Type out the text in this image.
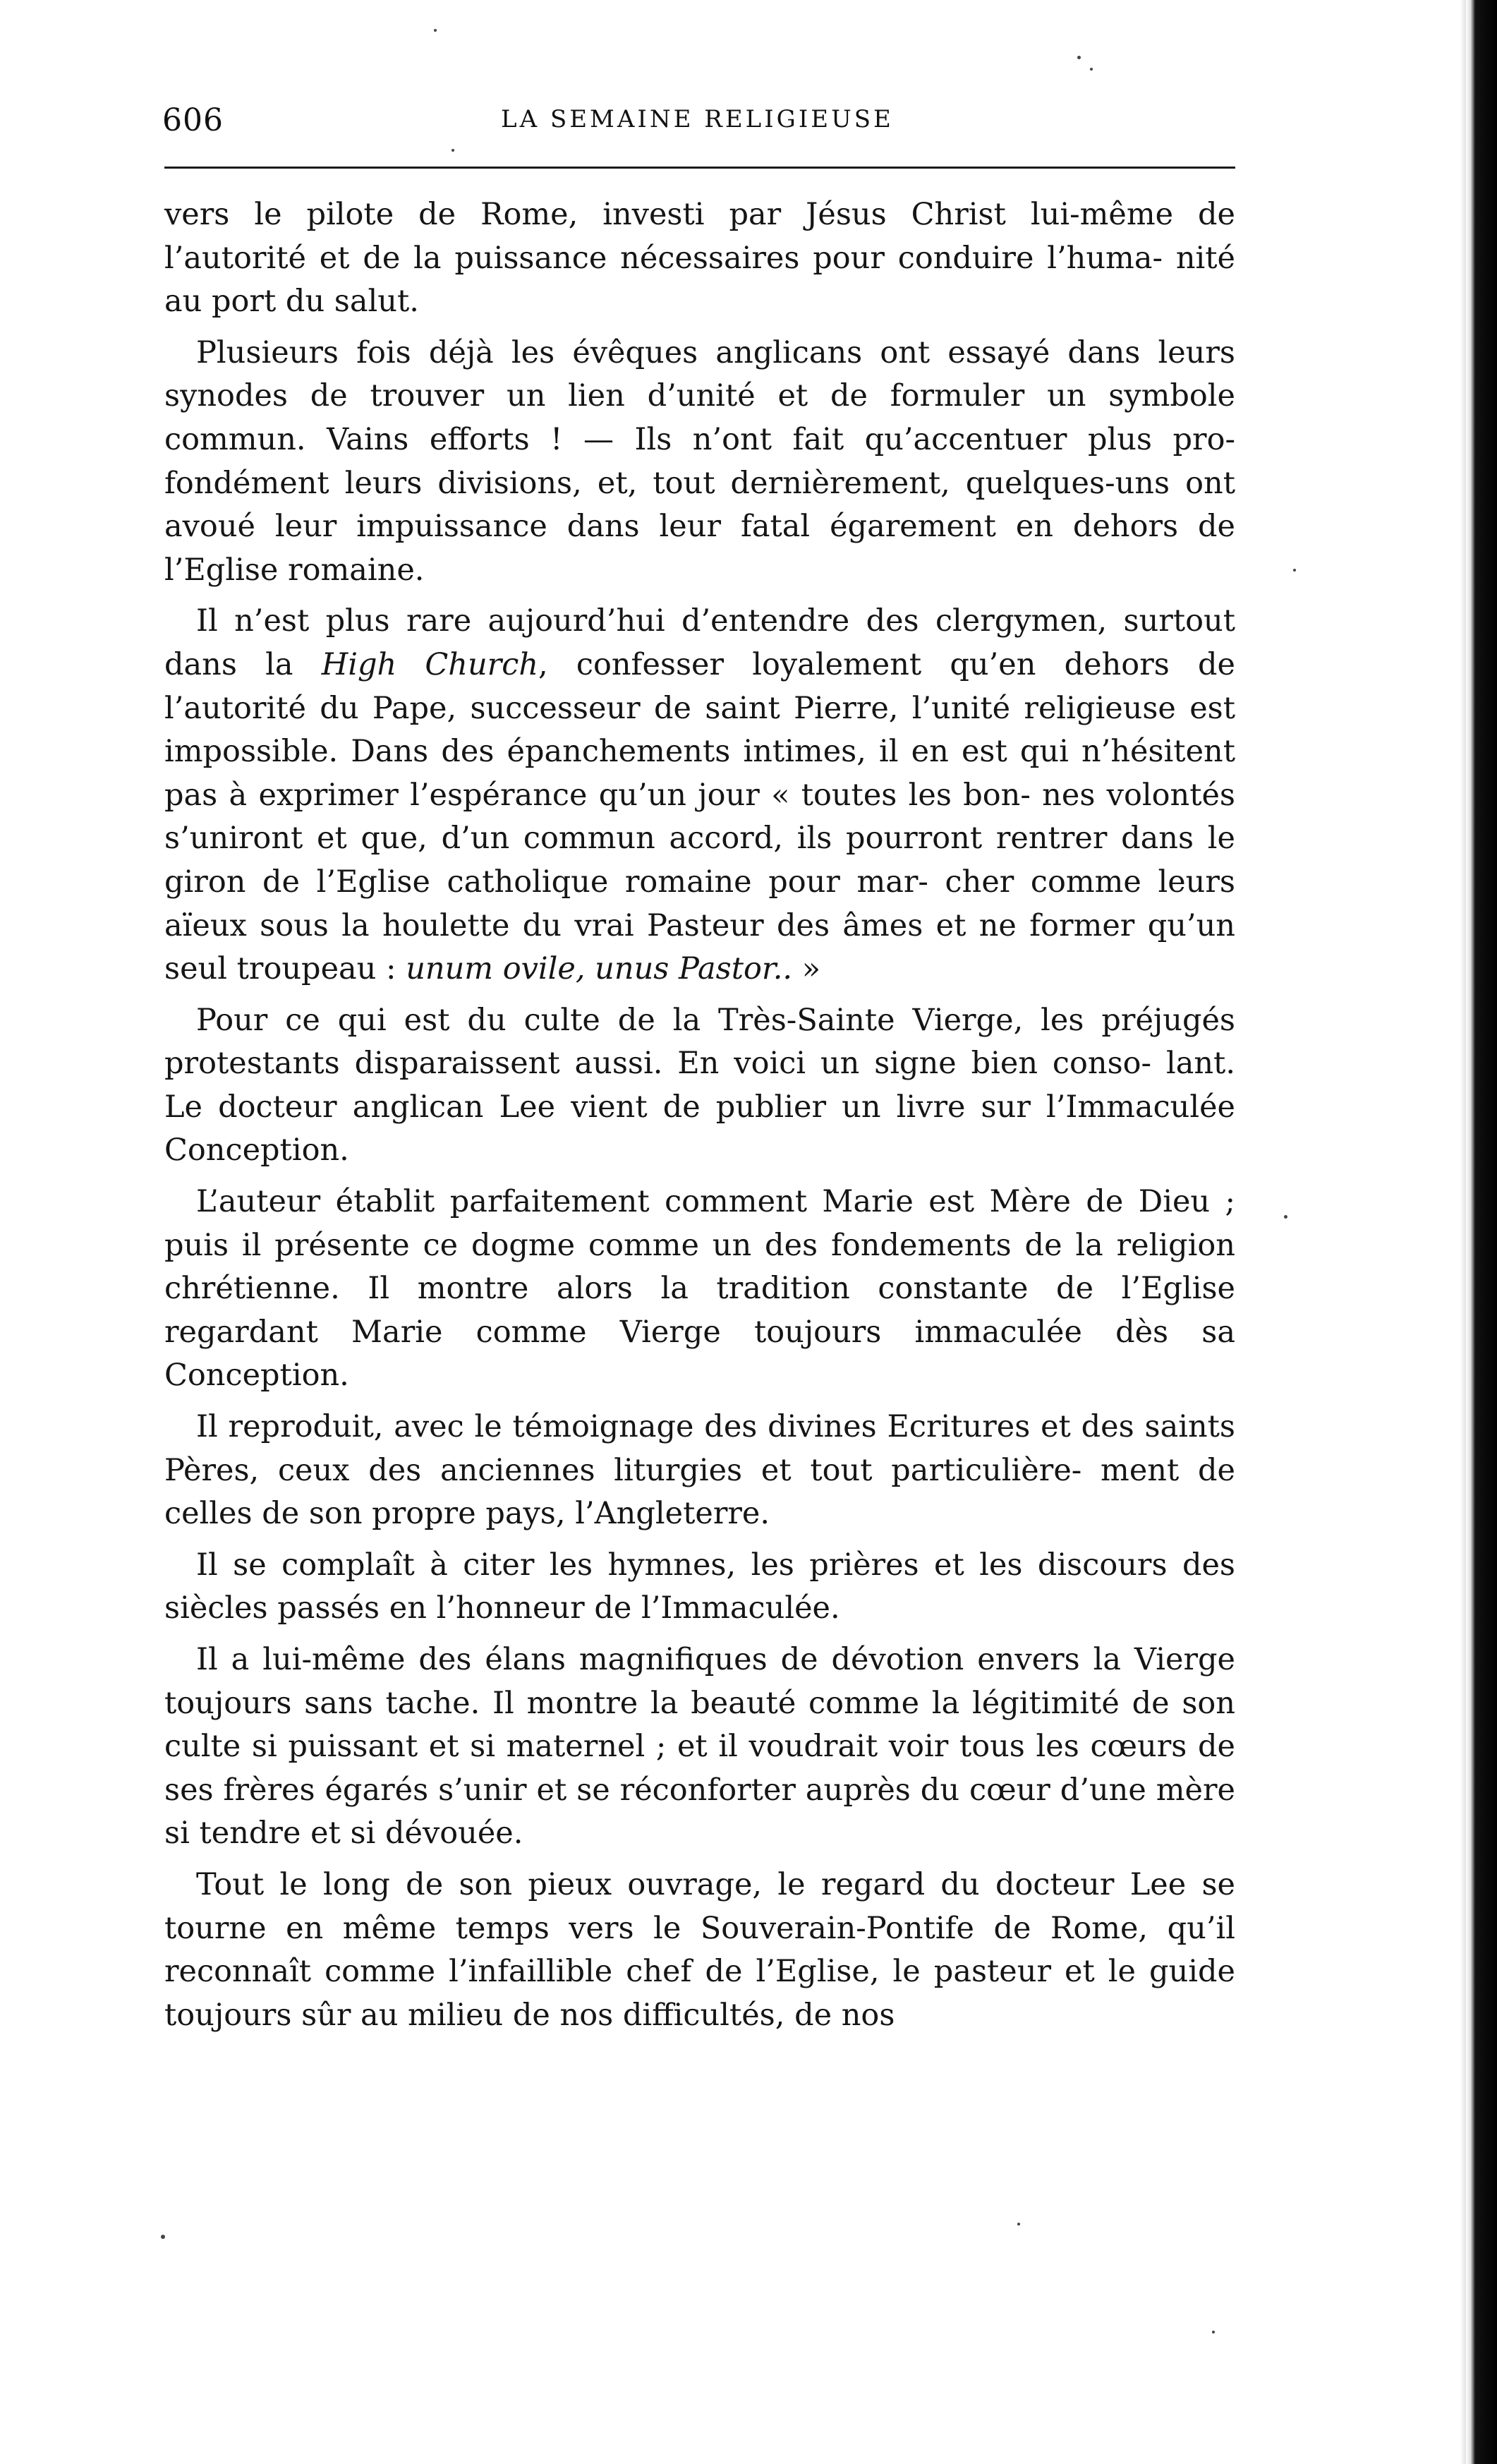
606	LA SEMAINE RELIGIEUSE

vers le pilote de Rome, investi par Jésus Christ lui-même de l’autorité et de la puissance nécessaires pour conduire l’huma- nité au port du salut.

Plusieurs fois déjà les évêques anglicans ont essayé dans leurs synodes de trouver un lien d’unité et de formuler un symbole commun. Vains efforts ! — Ils n’ont fait qu’accentuer plus pro- fondément leurs divisions, et, tout dernièrement, quelques-uns ont avoué leur impuissance dans leur fatal égarement en dehors de l’Eglise romaine.

Il n’est plus rare aujourd’hui d’entendre des clergymen, surtout dans la High Church, confesser loyalement qu’en dehors de l’autorité du Pape, successeur de saint Pierre, l’unité religieuse est impossible. Dans des épanchements intimes, il en est qui n’hésitent pas à exprimer l’espérance qu’un jour « toutes les bon- nes volontés s’uniront et que, d’un commun accord, ils pourront rentrer dans le giron de l’Eglise catholique romaine pour mar- cher comme leurs aïeux sous la houlette du vrai Pasteur des âmes et ne former qu’un seul troupeau : unum ovile, unus Pastor.. »

Pour ce qui est du culte de la Très-Sainte Vierge, les préjugés protestants disparaissent aussi. En voici un signe bien conso- lant. Le docteur anglican Lee vient de publier un livre sur l’Immaculée Conception.

L’auteur établit parfaitement comment Marie est Mère de Dieu ; puis il présente ce dogme comme un des fondements de la religion chrétienne. Il montre alors la tradition constante de l’Eglise regardant Marie comme Vierge toujours immaculée dès sa Conception.

Il reproduit, avec le témoignage des divines Ecritures et des saints Pères, ceux des anciennes liturgies et tout particulière- ment de celles de son propre pays, l’Angleterre.

Il se complaît à citer les hymnes, les prières et les discours des siècles passés en l’honneur de l’Immaculée.

Il a lui-même des élans magnifiques de dévotion envers la Vierge toujours sans tache. Il montre la beauté comme la légitimité de son culte si puissant et si maternel ; et il voudrait voir tous les cœurs de ses frères égarés s’unir et se réconforter auprès du cœur d’une mère si tendre et si dévouée.

Tout le long de son pieux ouvrage, le regard du docteur Lee se tourne en même temps vers le Souverain-Pontife de Rome, qu’il reconnaît comme l’infaillible chef de l’Eglise, le pasteur et le guide toujours sûr au milieu de nos difficultés, de nos
